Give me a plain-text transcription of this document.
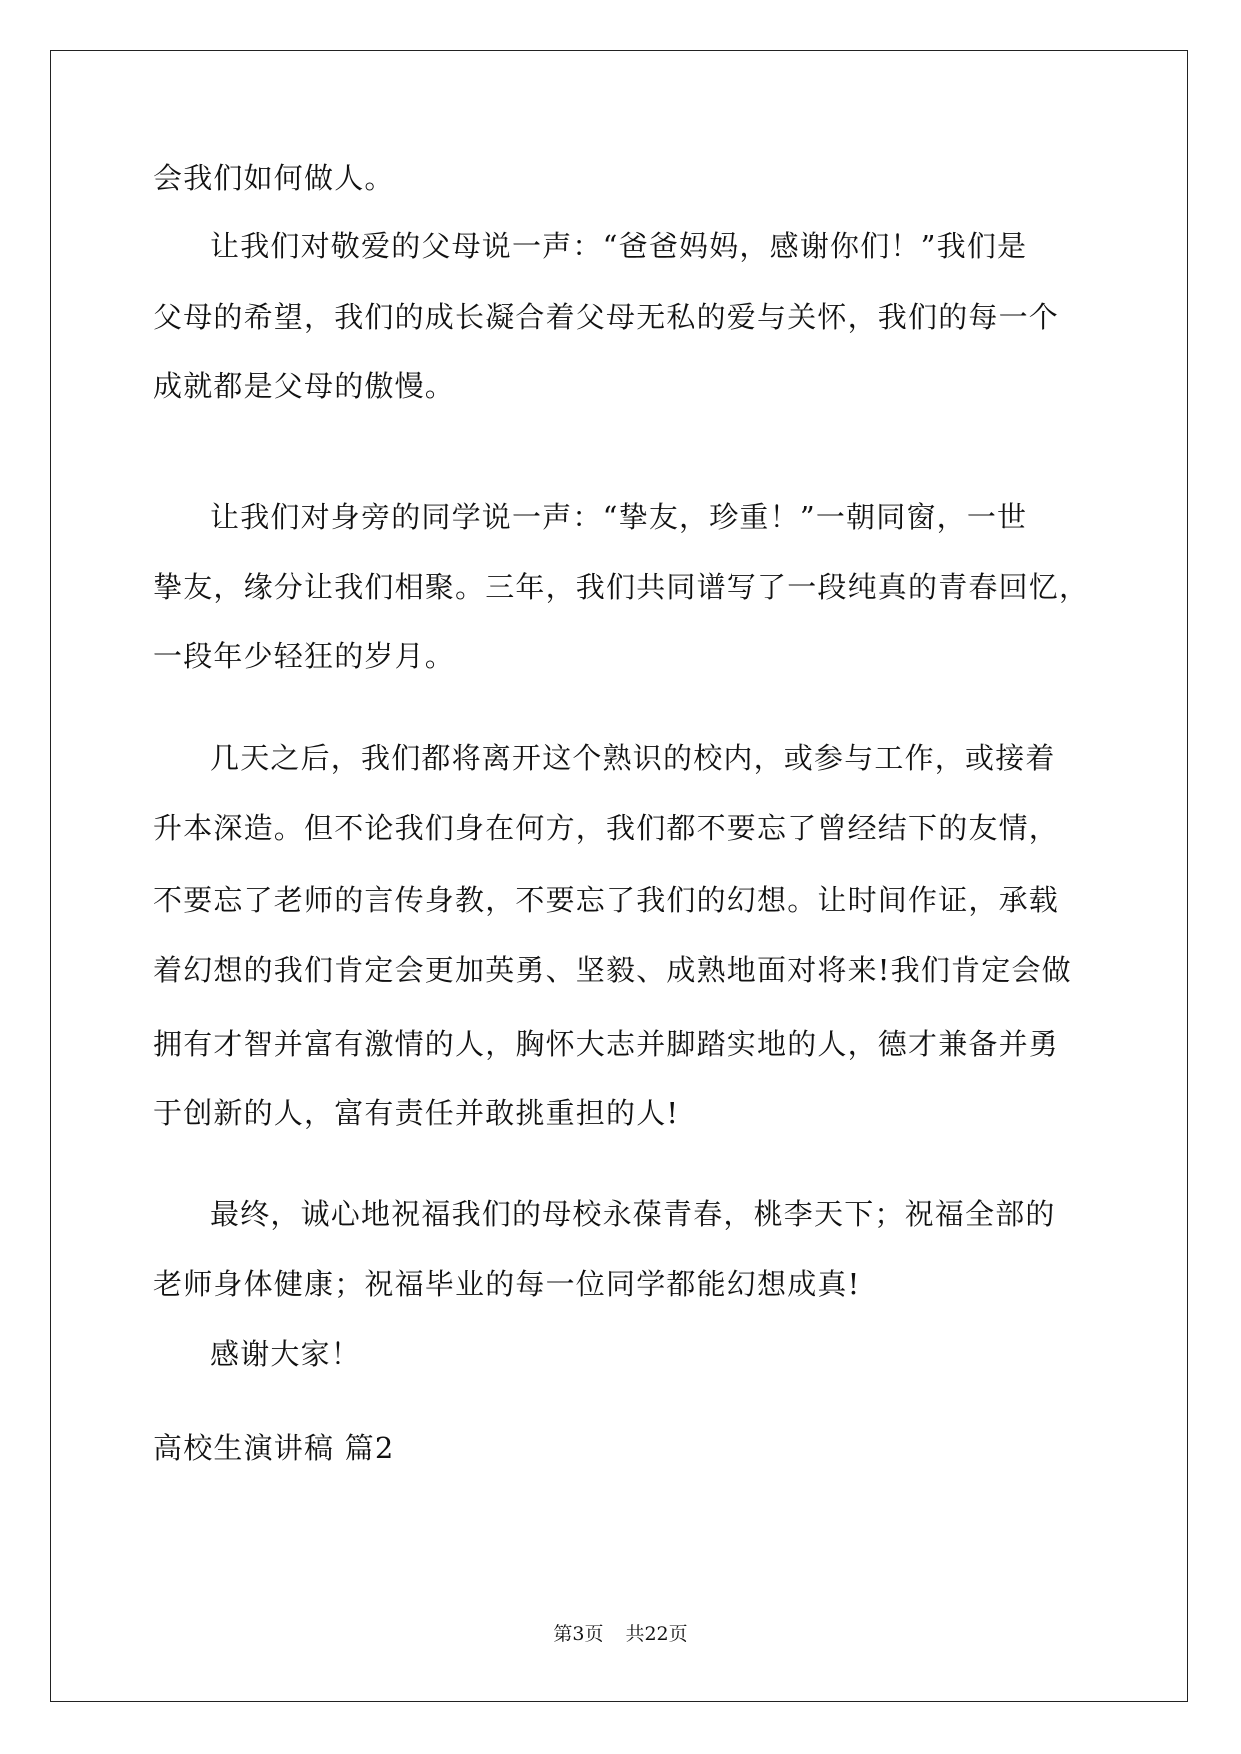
会我们如何做人。
让我们对敬爱的父母说一声：“爸爸妈妈，感谢你们！”我们是
父母的希望，我们的成长凝合着父母无私的爱与关怀，我们的每一个
成就都是父母的傲慢。
让我们对身旁的同学说一声：“挚友，珍重！”一朝同窗，一世
挚友，缘分让我们相聚。三年，我们共同谱写了一段纯真的青春回忆，
一段年少轻狂的岁月。
几天之后，我们都将离开这个熟识的校内，或参与工作，或接着
升本深造。但不论我们身在何方，我们都不要忘了曾经结下的友情，
不要忘了老师的言传身教，不要忘了我们的幻想。让时间作证，承载
着幻想的我们肯定会更加英勇、坚毅、成熟地面对将来!我们肯定会做
拥有才智并富有激情的人，胸怀大志并脚踏实地的人，德才兼备并勇
于创新的人，富有责任并敢挑重担的人!
最终，诚心地祝福我们的母校永葆青春，桃李天下；祝福全部的
老师身体健康；祝福毕业的每一位同学都能幻想成真!
感谢大家！
高校生演讲稿 篇2
第3页 共22页
